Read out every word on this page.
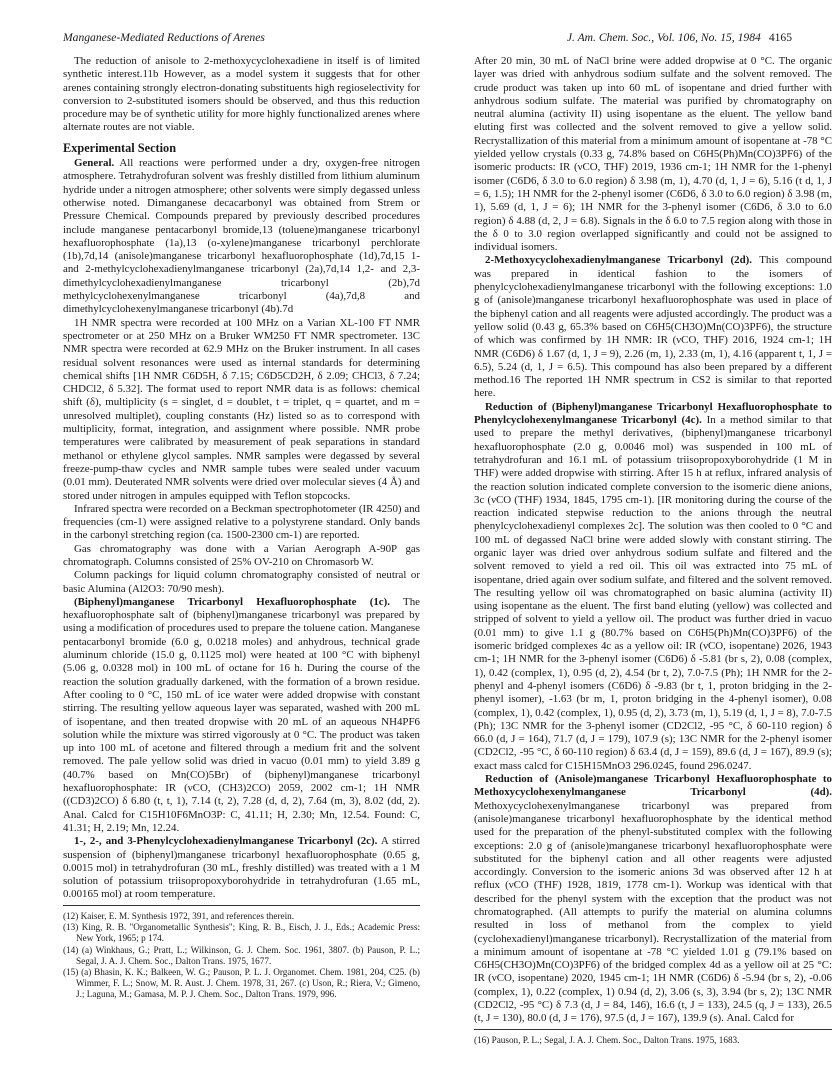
Manganese-Mediated Reductions of Arenes	J. Am. Chem. Soc., Vol. 106, No. 15, 1984 4165

The reduction of anisole to 2-methoxycyclohexadiene in itself is of limited synthetic interest.11b However, as a model system it suggests that for other arenes containing strongly electron-donating substituents high regioselectivity for conversion to 2-substituted isomers should be observed, and thus this reduction procedure may be of synthetic utility for more highly functionalized arenes where alternate routes are not viable.

Experimental Section

General. All reactions were performed under a dry, oxygen-free nitrogen atmosphere. Tetrahydrofuran solvent was freshly distilled from lithium aluminum hydride under a nitrogen atmosphere; other solvents were simply degassed unless otherwise noted. Dimanganese decacarbonyl was obtained from Strem or Pressure Chemical. Compounds prepared by previously described procedures include manganese pentacarbonyl bromide,13 (toluene)manganese tricarbonyl hexafluorophosphate (1a),13 (o-xylene)manganese tricarbonyl perchlorate (1b),7d,14 (anisole)manganese tricarbonyl hexafluorophosphate (1d),7d,15 1- and 2-methylcyclohexadienylmanganese tricarbonyl (2a),7d,14 1,2- and 2,3-dimethylcyclohexadienylmanganese tricarbonyl (2b),7d methylcyclohexenylmanganese tricarbonyl (4a),7d,8 and dimethylcyclohexenylmanganese tricarbonyl (4b).7d

1H NMR spectra were recorded at 100 MHz on a Varian XL-100 FT NMR spectrometer or at 250 MHz on a Bruker WM250 FT NMR spectrometer. 13C NMR spectra were recorded at 62.9 MHz on the Bruker instrument. In all cases residual solvent resonances were used as internal standards for determining chemical shifts [1H NMR C6D5H, δ 7.15; C6D5CD2H, δ 2.09; CHCl3, δ 7.24; CHDCl2, δ 5.32]. The format used to report NMR data is as follows: chemical shift (δ), multiplicity (s = singlet, d = doublet, t = triplet, q = quartet, and m = unresolved multiplet), coupling constants (Hz) listed so as to correspond with multiplicity, format, integration, and assignment where possible. NMR probe temperatures were calibrated by measurement of peak separations in standard methanol or ethylene glycol samples. NMR samples were degassed by several freeze-pump-thaw cycles and NMR sample tubes were sealed under vacuum (0.01 mm). Deuterated NMR solvents were dried over molecular sieves (4 Å) and stored under nitrogen in ampules equipped with Teflon stopcocks.

Infrared spectra were recorded on a Beckman spectrophotometer (IR 4250) and frequencies (cm-1) were assigned relative to a polystyrene standard. Only bands in the carbonyl stretching region (ca. 1500-2300 cm-1) are reported.

Gas chromatography was done with a Varian Aerograph A-90P gas chromatograph. Columns consisted of 25% OV-210 on Chromasorb W.

Column packings for liquid column chromatography consisted of neutral or basic Alumina (Al2O3: 70/90 mesh).

(Biphenyl)manganese Tricarbonyl Hexafluorophosphate (1c). The hexafluorophosphate salt of (biphenyl)manganese tricarbonyl was prepared by using a modification of procedures used to prepare the toluene cation. Manganese pentacarbonyl bromide (6.0 g, 0.0218 moles) and anhydrous, technical grade aluminum chloride (15.0 g, 0.1125 mol) were heated at 100 °C with biphenyl (5.06 g, 0.0328 mol) in 100 mL of octane for 16 h. During the course of the reaction the solution gradually darkened, with the formation of a brown residue. After cooling to 0 °C, 150 mL of ice water were added dropwise with constant stirring. The resulting yellow aqueous layer was separated, washed with 200 mL of isopentane, and then treated dropwise with 20 mL of an aqueous NH4PF6 solution while the mixture was stirred vigorously at 0 °C. The product was taken up into 100 mL of acetone and filtered through a medium frit and the solvent removed. The pale yellow solid was dried in vacuo (0.01 mm) to yield 3.89 g (40.7% based on Mn(CO)5Br) of (biphenyl)manganese tricarbonyl hexafluorophosphate: IR (νCO, (CH3)2CO) 2059, 2002 cm-1; 1H NMR ((CD3)2CO) δ 6.80 (t, t, 1), 7.14 (t, 2), 7.28 (d, d, 2), 7.64 (m, 3), 8.02 (dd, 2). Anal. Calcd for C15H10F6MnO3P: C, 41.11; H, 2.30; Mn, 12.54. Found: C, 41.31; H, 2.19; Mn, 12.24.

1-, 2-, and 3-Phenylcyclohexadienylmanganese Tricarbonyl (2c). A stirred suspension of (biphenyl)manganese tricarbonyl hexafluorophosphate (0.65 g, 0.0015 mol) in tetrahydrofuran (30 mL, freshly distilled) was treated with a 1 M solution of potassium triisopropoxyborohydride in tetrahydrofuran (1.65 mL, 0.00165 mol) at room temperature.

(12) Kaiser, E. M. Synthesis 1972, 391, and references therein.

(13) King, R. B. "Organometallic Synthesis"; King, R. B., Eisch, J. J., Eds.; Academic Press: New York, 1965; p 174.

(14) (a) Winkhaus, G.; Pratt, L.; Wilkinson, G. J. Chem. Soc. 1961, 3807. (b) Pauson, P. L.; Segal, J. A. J. Chem. Soc., Dalton Trans. 1975, 1677.

(15) (a) Bhasin, K. K.; Balkeen, W. G.; Pauson, P. L. J. Organomet. Chem. 1981, 204, C25. (b) Wimmer, F. L.; Snow, M. R. Aust. J. Chem. 1978, 31, 267. (c) Uson, R.; Riera, V.; Gimeno, J.; Laguna, M.; Gamasa, M. P. J. Chem. Soc., Dalton Trans. 1979, 996.

After 20 min, 30 mL of NaCl brine were added dropwise at 0 °C. The organic layer was dried with anhydrous sodium sulfate and the solvent removed. The crude product was taken up into 60 mL of isopentane and dried further with anhydrous sodium sulfate. The material was purified by chromatography on neutral alumina (activity II) using isopentane as the eluent. The yellow band eluting first was collected and the solvent removed to give a yellow solid. Recrystallization of this material from a minimum amount of isopentane at -78 °C yielded yellow crystals (0.33 g, 74.8% based on C6H5(Ph)Mn(CO)3PF6) of the isomeric products: IR (νCO, THF) 2019, 1936 cm-1; 1H NMR for the 1-phenyl isomer (C6D6, δ 3.0 to 6.0 region) δ 3.98 (m, 1), 4.70 (d, 1, J = 6), 5.16 (t d, 1, J = 6, 1.5); 1H NMR for the 2-phenyl isomer (C6D6, δ 3.0 to 6.0 region) δ 3.98 (m, 1), 5.69 (d, 1, J = 6); 1H NMR for the 3-phenyl isomer (C6D6, δ 3.0 to 6.0 region) δ 4.88 (d, 2, J = 6.8). Signals in the δ 6.0 to 7.5 region along with those in the δ 0 to 3.0 region overlapped significantly and could not be assigned to individual isomers.

2-Methoxycyclohexadienylmanganese Tricarbonyl (2d). This compound was prepared in identical fashion to the isomers of phenylcyclohexadienylmanganese tricarbonyl with the following exceptions: 1.0 g of (anisole)manganese tricarbonyl hexafluorophosphate was used in place of the biphenyl cation and all reagents were adjusted accordingly. The product was a yellow solid (0.43 g, 65.3% based on C6H5(CH3O)Mn(CO)3PF6), the structure of which was confirmed by 1H NMR: IR (νCO, THF) 2016, 1924 cm-1; 1H NMR (C6D6) δ 1.67 (d, 1, J = 9), 2.26 (m, 1), 2.33 (m, 1), 4.16 (apparent t, 1, J = 6.5), 5.24 (d, 1, J = 6.5). This compound has also been prepared by a different method.16 The reported 1H NMR spectrum in CS2 is similar to that reported here.

Reduction of (Biphenyl)manganese Tricarbonyl Hexafluorophosphate to Phenylcyclohexenylmanganese Tricarbonyl (4c). In a method similar to that used to prepare the methyl derivatives, (biphenyl)manganese tricarbonyl hexafluorophosphate (2.0 g, 0.0046 mol) was suspended in 100 mL of tetrahydrofuran and 16.1 mL of potassium triisopropoxyborohydride (1 M in THF) were added dropwise with stirring. After 15 h at reflux, infrared analysis of the reaction solution indicated complete conversion to the isomeric diene anions, 3c (νCO (THF) 1934, 1845, 1795 cm-1). [IR monitoring during the course of the reaction indicated stepwise reduction to the anions through the neutral phenylcyclohexadienyl complexes 2c]. The solution was then cooled to 0 °C and 100 mL of degassed NaCl brine were added slowly with constant stirring. The organic layer was dried over anhydrous sodium sulfate and filtered and the solvent removed to yield a red oil. This oil was extracted into 75 mL of isopentane, dried again over sodium sulfate, and filtered and the solvent removed. The resulting yellow oil was chromatographed on basic alumina (activity II) using isopentane as the eluent. The first band eluting (yellow) was collected and stripped of solvent to yield a yellow oil. The product was further dried in vacuo (0.01 mm) to give 1.1 g (80.7% based on C6H5(Ph)Mn(CO)3PF6) of the isomeric bridged complexes 4c as a yellow oil: IR (νCO, isopentane) 2026, 1943 cm-1; 1H NMR for the 3-phenyl isomer (C6D6) δ -5.81 (br s, 2), 0.08 (complex, 1), 0.42 (complex, 1), 0.95 (d, 2), 4.54 (br t, 2), 7.0-7.5 (Ph); 1H NMR for the 2-phenyl and 4-phenyl isomers (C6D6) δ -9.83 (br t, 1, proton bridging in the 2-phenyl isomer), -1.63 (br m, 1, proton bridging in the 4-phenyl isomer), 0.08 (complex, 1), 0.42 (complex, 1), 0.95 (d, 2), 3.73 (m, 1), 5.19 (d, 1, J = 8), 7.0-7.5 (Ph); 13C NMR for the 3-phenyl isomer (CD2Cl2, -95 °C, δ 60-110 region) δ 66.0 (d, J = 164), 71.7 (d, J = 179), 107.9 (s); 13C NMR for the 2-phenyl isomer (CD2Cl2, -95 °C, δ 60-110 region) δ 63.4 (d, J = 159), 89.6 (d, J = 167), 89.9 (s); exact mass calcd for C15H15MnO3 296.0245, found 296.0247.

Reduction of (Anisole)manganese Tricarbonyl Hexafluorophosphate to Methoxycyclohexenylmanganese Tricarbonyl (4d). Methoxycyclohexenylmanganese tricarbonyl was prepared from (anisole)manganese tricarbonyl hexafluorophosphate by the identical method used for the preparation of the phenyl-substituted complex with the following exceptions: 2.0 g of (anisole)manganese tricarbonyl hexafluorophosphate were substituted for the biphenyl cation and all other reagents were adjusted accordingly. Conversion to the isomeric anions 3d was observed after 12 h at reflux (νCO (THF) 1928, 1819, 1778 cm-1). Workup was identical with that described for the phenyl system with the exception that the product was not chromatographed. (All attempts to purify the material on alumina columns resulted in loss of methanol from the complex to yield (cyclohexadienyl)manganese tricarbonyl). Recrystallization of the material from a minimum amount of isopentane at -78 °C yielded 1.01 g (79.1% based on C6H5(CH3O)Mn(CO)3PF6) of the bridged complex 4d as a yellow oil at 25 °C: IR (νCO, isopentane) 2020, 1945 cm-1; 1H NMR (C6D6) δ -5.94 (br s, 2), -0.06 (complex, 1), 0.22 (complex, 1) 0.94 (d, 2), 3.06 (s, 3), 3.94 (br s, 2); 13C NMR (CD2Cl2, -95 °C) δ 7.3 (d, J = 84, 146), 16.6 (t, J = 133), 24.5 (q, J = 133), 26.5 (t, J = 130), 80.0 (d, J = 176), 97.5 (d, J = 167), 139.9 (s). Anal. Calcd for

(16) Pauson, P. L.; Segal, J. A. J. Chem. Soc., Dalton Trans. 1975, 1683.
